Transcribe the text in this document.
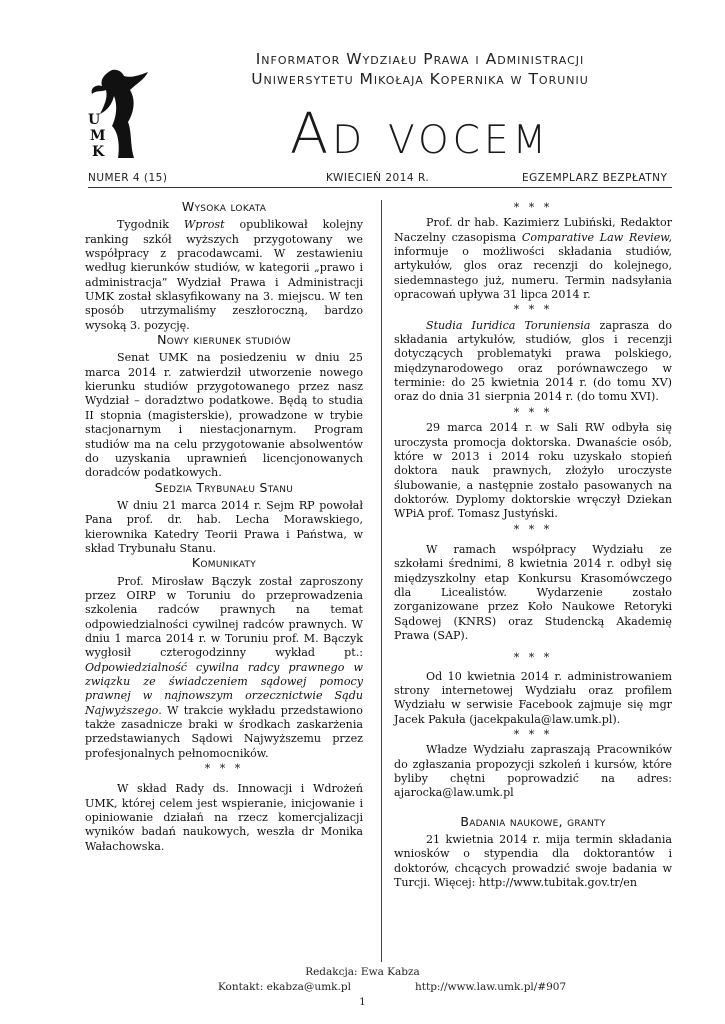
U
M
K
Informator Wydziału Prawa i Administracji
Uniwersytetu Mikołaja Kopernika w Toruniu
Ad vocem
NUMER 4 (15)	KWIECIEŃ 2014 R.	EGZEMPLARZ BEZPŁATNY
Wysoka lokata

Tygodnik Wprost opublikował kolejny ranking szkół wyższych przygotowany we współpracy z pracodawcami. W zestawieniu według kierunków studiów, w kategorii „prawo i administracja” Wydział Prawa i Administracji UMK został sklasyfikowany na 3. miejscu. W ten sposób utrzymaliśmy zeszłoroczną, bardzo wysoką 3. pozycję.

Nowy kierunek studiów

Senat UMK na posiedzeniu w dniu 25 marca 2014 r. zatwierdził utworzenie nowego kierunku studiów przygotowanego przez nasz Wydział – doradztwo podatkowe. Będą to studia II stopnia (magisterskie), prowadzone w trybie stacjonarnym i niestacjonarnym. Program studiów ma na celu przygotowanie absolwentów do uzyskania uprawnień licencjonowanych doradców podatkowych.

Sedzia Trybunału Stanu

W dniu 21 marca 2014 r. Sejm RP powołał Pana prof. dr. hab. Lecha Morawskiego, kierownika Katedry Teorii Prawa i Państwa, w skład Trybunału Stanu.

Komunikaty

Prof. Mirosław Bączyk został zaproszony przez OIRP w Toruniu do przeprowadzenia szkolenia radców prawnych na temat odpowiedzialności cywilnej radców prawnych. W dniu 1 marca 2014 r. w Toruniu prof. M. Bączyk wygłosił czterogodzinny wykład pt.: Odpowiedzialność cywilna radcy prawnego w związku ze świadczeniem sądowej pomocy prawnej w najnowszym orzecznictwie Sądu Najwyższego. W trakcie wykładu przedstawiono także zasadnicze braki w środkach zaskarżenia przedstawianych Sądowi Najwyższemu przez profesjonalnych pełnomocników.

* * *

W skład Rady ds. Innowacji i Wdrożeń UMK, której celem jest wspieranie, inicjowanie i opiniowanie działań na rzecz komercjalizacji wyników badań naukowych, weszła dr Monika Wałachowska.

* * *

Prof. dr hab. Kazimierz Lubiński, Redaktor Naczelny czasopisma Comparative Law Review, informuje o możliwości składania studiów, artykułów, glos oraz recenzji do kolejnego, siedemnastego już, numeru. Termin nadsyłania opracowań upływa 31 lipca 2014 r.

* * *

Studia Iuridica Toruniensia zaprasza do składania artykułów, studiów, glos i recenzji dotyczących problematyki prawa polskiego, międzynarodowego oraz porównawczego w terminie: do 25 kwietnia 2014 r. (do tomu XV) oraz do dnia 31 sierpnia 2014 r. (do tomu XVI).

* * *

29 marca 2014 r. w Sali RW odbyła się uroczysta promocja doktorska. Dwanaście osób, które w 2013 i 2014 roku uzyskało stopień doktora nauk prawnych, złożyło uroczyste ślubowanie, a następnie zostało pasowanych na doktorów. Dyplomy doktorskie wręczył Dziekan WPiA prof. Tomasz Justyński.

* * *

W ramach współpracy Wydziału ze szkołami średnimi, 8 kwietnia 2014 r. odbył się międzyszkolny etap Konkursu Krasomówczego dla Licealistów. Wydarzenie zostało zorganizowane przez Koło Naukowe Retoryki Sądowej (KNRS) oraz Studencką Akademię Prawa (SAP).

* * *

Od 10 kwietnia 2014 r. administrowaniem strony internetowej Wydziału oraz profilem Wydziału w serwisie Facebook zajmuje się mgr Jacek Pakuła (jacekpakula@law.umk.pl).

* * *

Władze Wydziału zapraszają Pracowników do zgłaszania propozycji szkoleń i kursów, które byliby chętni poprowadzić na adres: ajarocka@law.umk.pl

Badania naukowe, granty

21 kwietnia 2014 r. mija termin składania wniosków o stypendia dla doktorantów i doktorów, chcących prowadzić swoje badania w Turcji. Więcej: http://www.tubitak.gov.tr/en

Redakcja: Ewa Kabza
Kontakt: ekabza@umk.pl	http://www.law.umk.pl/#907
1
